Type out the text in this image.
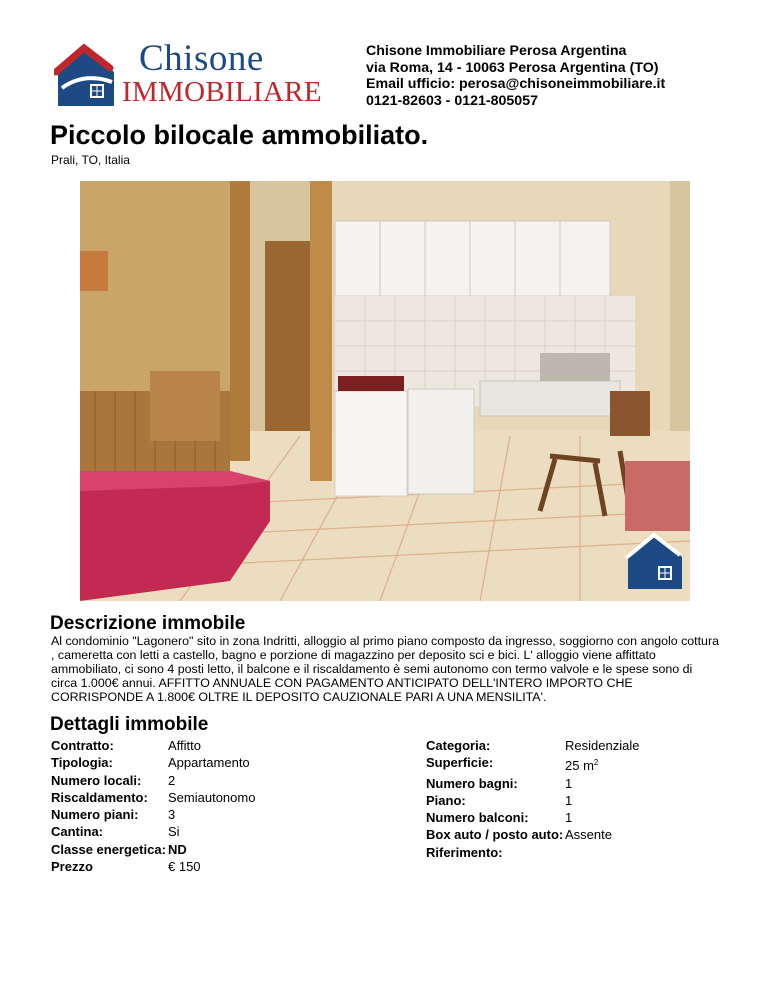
Chisone
IMMOBILIARE
Chisone Immobiliare Perosa Argentina
via Roma, 14 - 10063 Perosa Argentina (TO)
Email ufficio: perosa@chisoneimmobiliare.it
0121-82603 - 0121-805057
Piccolo bilocale ammobiliato.
Prali, TO, Italia
Descrizione immobile

Al condominio "Lagonero" sito in zona Indritti, alloggio al primo piano composto da ingresso, soggiorno con angolo cottura , cameretta con letti a castello, bagno e porzione di magazzino per deposito sci e bici. L' alloggio viene affittato ammobiliato, ci sono 4 posti letto, il balcone e il riscaldamento è semi autonomo con termo valvole e le spese sono di circa 1.000€ annui. AFFITTO ANNUALE CON PAGAMENTO ANTICIPATO DELL'INTERO IMPORTO CHE CORRISPONDE A 1.800€ OLTRE IL DEPOSITO CAUZIONALE PARI A UNA MENSILITA'.

Dettagli immobile
Contratto:	Affitto
Tipologia:	Appartamento
Numero locali:	2
Riscaldamento:	Semiautonomo
Numero piani:	3
Cantina:	Si
Classe energetica: ND
Prezzo	€ 150
Categoria:	Residenziale
Superficie:	25 $m^2$
Numero bagni:	1
Piano:	1
Numero balconi:	1
Box auto / posto auto: Assente
Riferimento:
